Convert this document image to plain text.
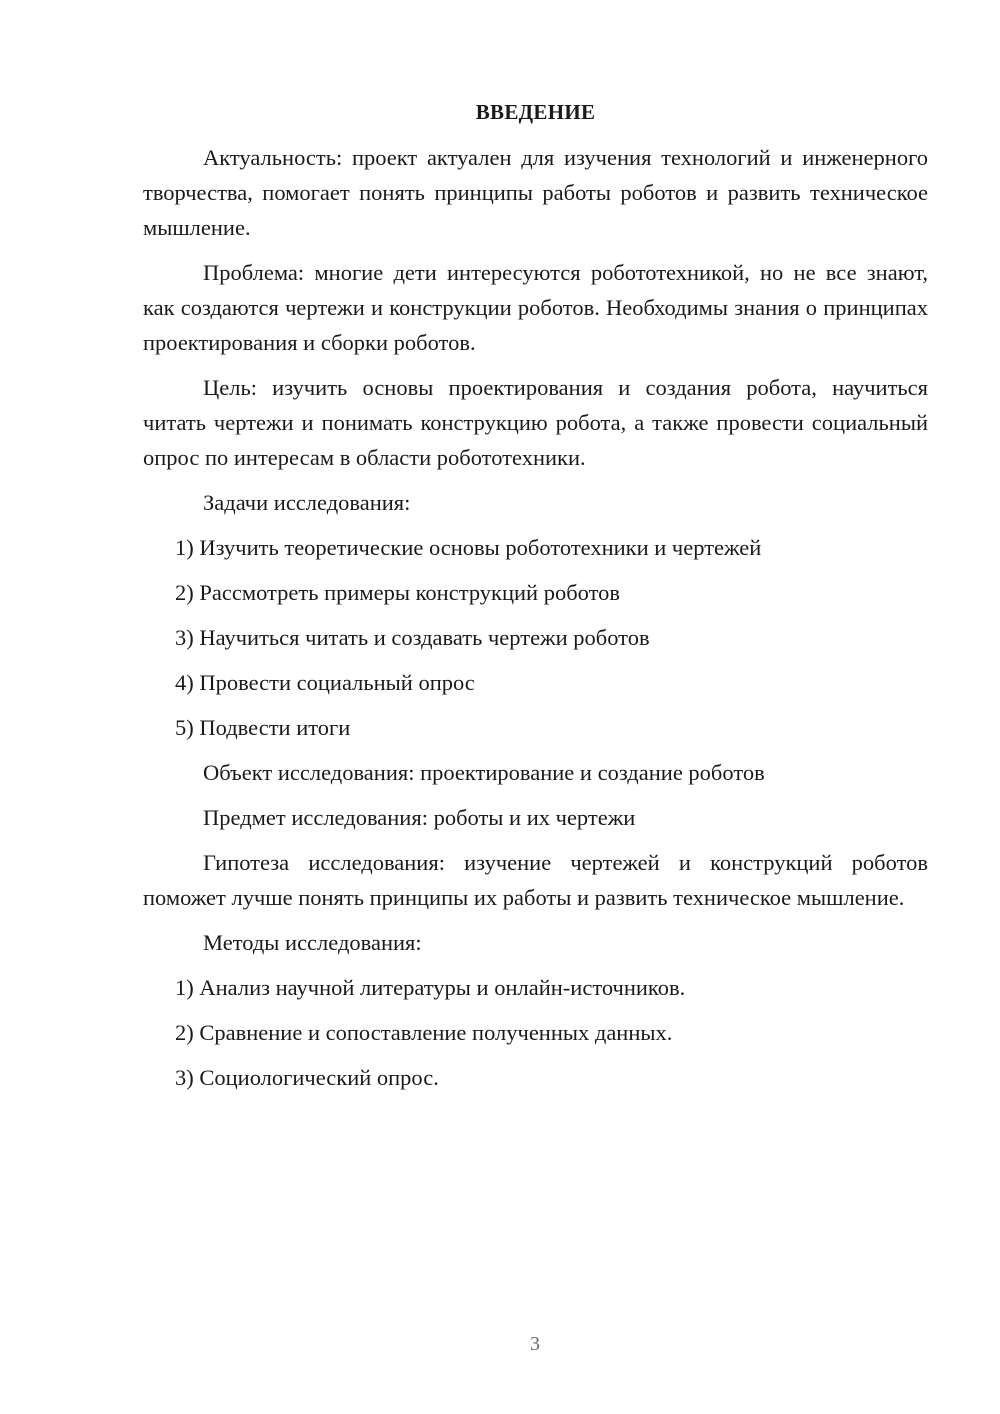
ВВЕДЕНИЕ

Актуальность: проект актуален для изучения технологий и инженерного творчества, помогает понять принципы работы роботов и развить техническое мышление.

Проблема: многие дети интересуются робототехникой, но не все знают, как создаются чертежи и конструкции роботов. Необходимы знания о принципах проектирования и сборки роботов.

Цель: изучить основы проектирования и создания робота, научиться читать чертежи и понимать конструкцию робота, а также провести социальный опрос по интересам в области робототехники.

Задачи исследования:

1) Изучить теоретические основы робототехники и чертежей
2) Рассмотреть примеры конструкций роботов
3) Научиться читать и создавать чертежи роботов
4) Провести социальный опрос
5) Подвести итоги

Объект исследования: проектирование и создание роботов

Предмет исследования: роботы и их чертежи

Гипотеза исследования: изучение чертежей и конструкций роботов поможет лучше понять принципы их работы и развить техническое мышление.

Методы исследования:

1) Анализ научной литературы и онлайн-источников.
2) Сравнение и сопоставление полученных данных.
3) Социологический опрос.
3
